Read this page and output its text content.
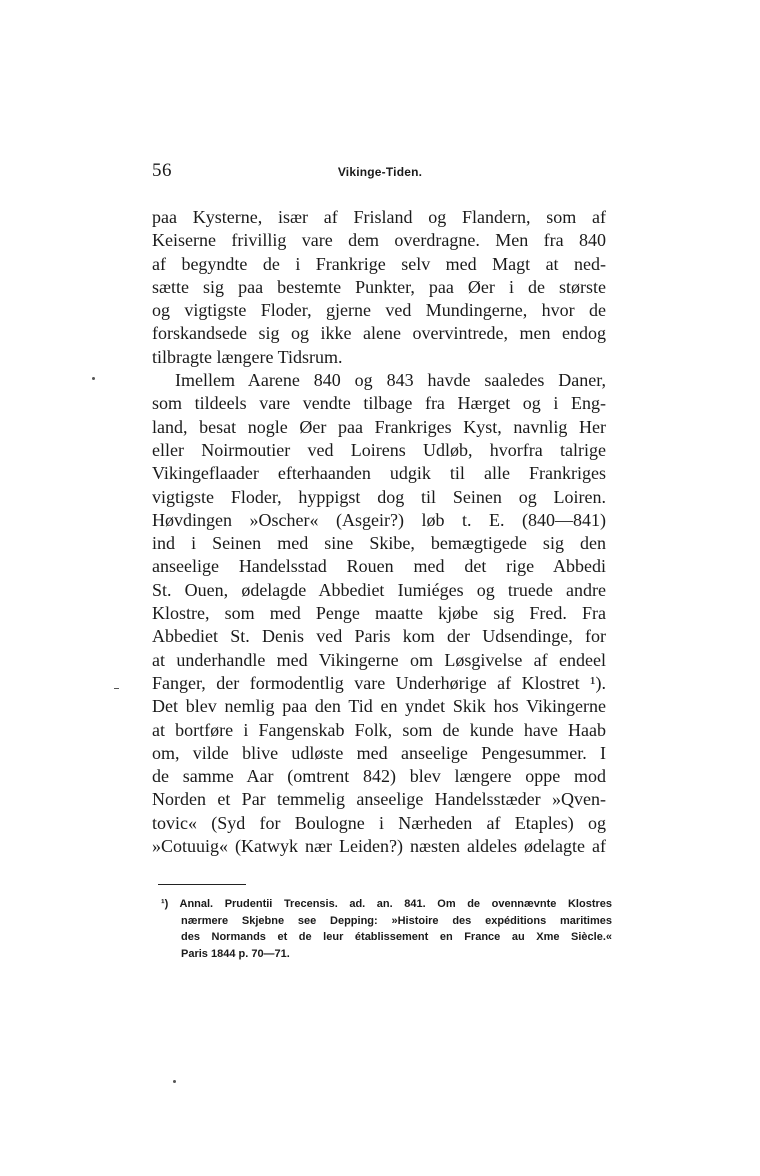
56	Vikinge-Tiden.
paa Kysterne, især af Frisland og Flandern, som af
Keiserne frivillig vare dem overdragne. Men fra 840
af begyndte de i Frankrige selv med Magt at ned-
sætte sig paa bestemte Punkter, paa Øer i de største
og vigtigste Floder, gjerne ved Mundingerne, hvor de
forskandsede sig og ikke alene overvintrede, men endog
tilbragte længere Tidsrum.
Imellem Aarene 840 og 843 havde saaledes Daner,
som tildeels vare vendte tilbage fra Hærget og i Eng-
land, besat nogle Øer paa Frankriges Kyst, navnlig Her
eller Noirmoutier ved Loirens Udløb, hvorfra talrige
Vikingeflaader efterhaanden udgik til alle Frankriges
vigtigste Floder, hyppigst dog til Seinen og Loiren.
Høvdingen »Oscher« (Asgeir?) løb t. E. (840—841)
ind i Seinen med sine Skibe, bemægtigede sig den
anseelige Handelsstad Rouen med det rige Abbedi
St. Ouen, ødelagde Abbediet Iumiéges og truede andre
Klostre, som med Penge maatte kjøbe sig Fred. Fra
Abbediet St. Denis ved Paris kom der Udsendinge, for
at underhandle med Vikingerne om Løsgivelse af endeel
Fanger, der formodentlig vare Underhørige af Klostret ¹).
Det blev nemlig paa den Tid en yndet Skik hos Vikingerne
at bortføre i Fangenskab Folk, som de kunde have Haab
om, vilde blive udløste med anseelige Pengesummer. I
de samme Aar (omtrent 842) blev længere oppe mod
Norden et Par temmelig anseelige Handelsstæder »Qven-
tovic« (Syd for Boulogne i Nærheden af Etaples) og
»Cotuuig« (Katwyk nær Leiden?) næsten aldeles ødelagte af
¹) Annal. Prudentii Trecensis. ad. an. 841. Om de ovennævnte Klostres
nærmere Skjebne see Depping: »Histoire des expéditions maritimes
des Normands et de leur établissement en France au Xme Siècle.«
Paris 1844 p. 70—71.
